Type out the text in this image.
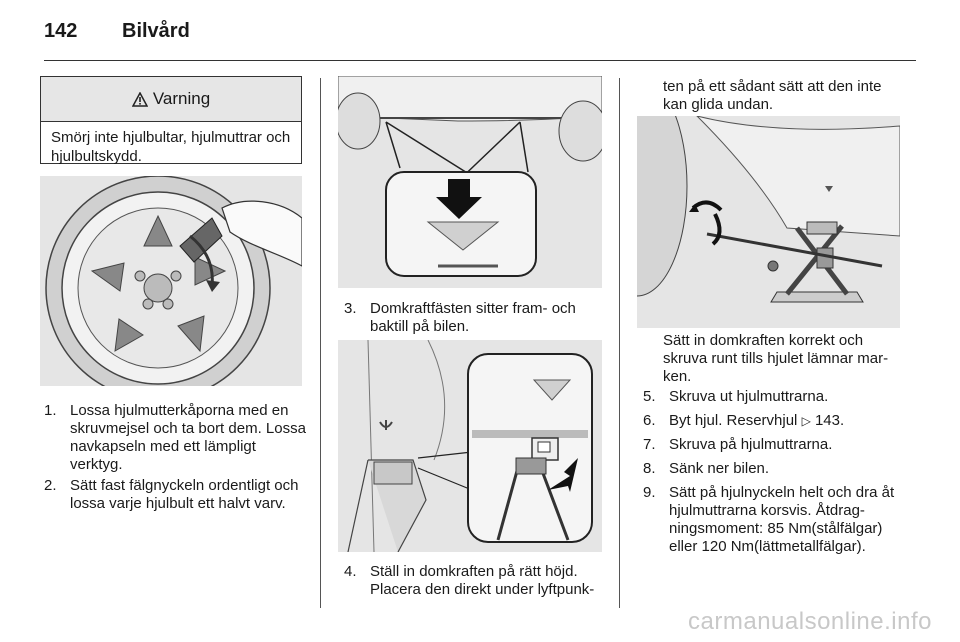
142	Bilvård
Varning
Smörj inte hjulbultar, hjulmuttrar och hjulbultskydd.
1. Lossa hjulmutterkåporna med en skruvmejsel och ta bort dem. Lossa navkapseln med ett lämpligt verktyg.
2. Sätt fast fälgnyckeln ordentligt och lossa varje hjulbult ett halvt varv.
3. Domkraftfästen sitter fram- och baktill på bilen.
4. Ställ in domkraften på rätt höjd. Placera den direkt under lyftpunk-
ten på ett sådant sätt att den inte kan glida undan.
Sätt in domkraften korrekt och skruva runt tills hjulet lämnar marken.
5. Skruva ut hjulmuttrarna.
6. Byt hjul. Reservhjul ▷ 143.
7. Skruva på hjulmuttrarna.
8. Sänk ner bilen.
9. Sätt på hjulnyckeln helt och dra åt hjulmuttrarna korsvis. Åtdragningsmoment: 85 Nm(stålfälgar) eller 120 Nm(lättmetallfälgar).
carmanualsonline.info
